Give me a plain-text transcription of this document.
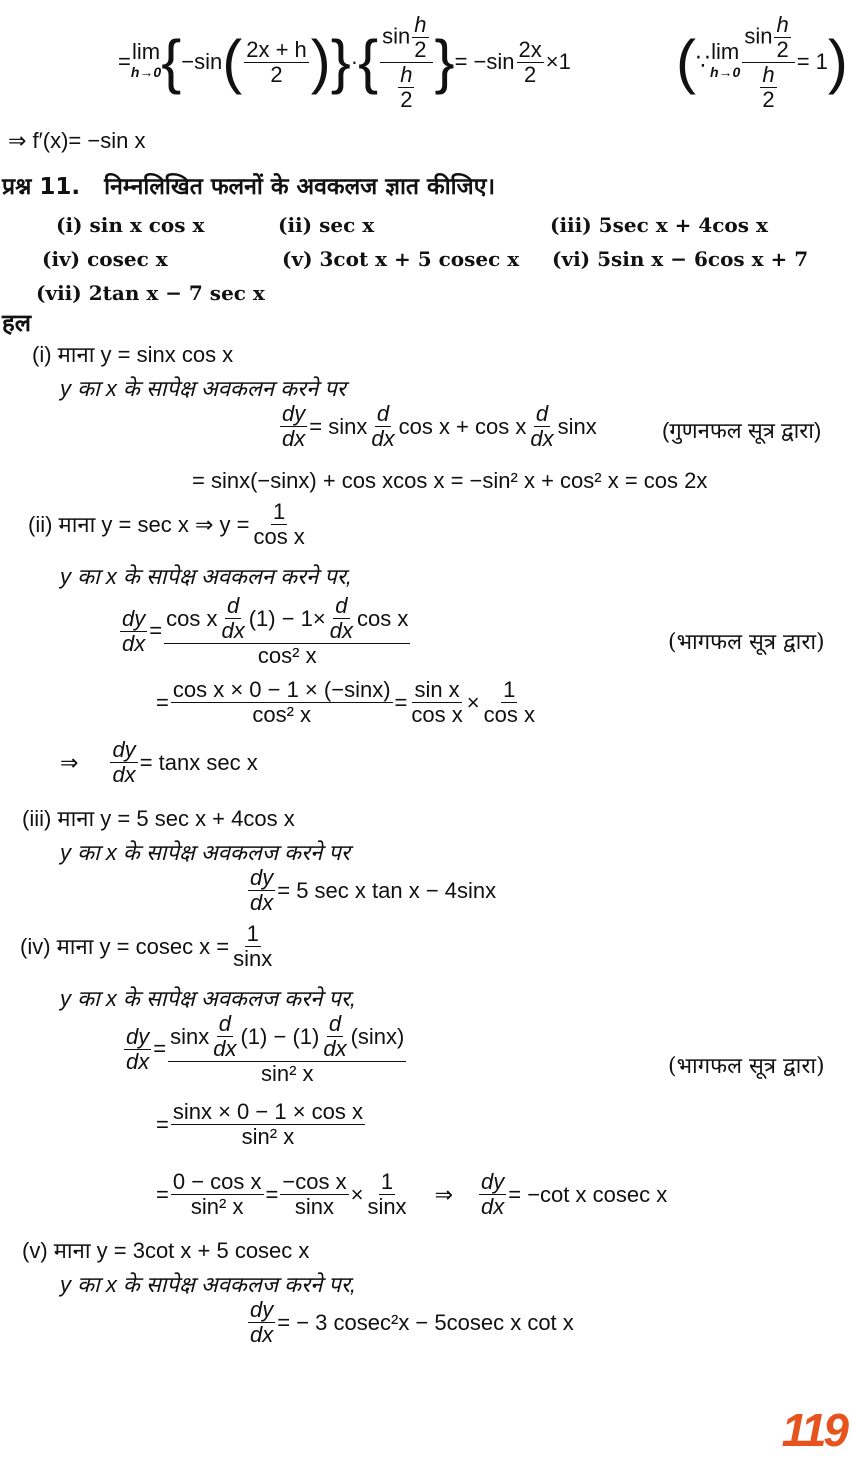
= lim
h→0 { −sin ( $\frac{2x + h}{2}$ ) } · { $\frac{\sin \frac{h}{2}}{\frac{h}{2}}$ } = $-\sin \frac{2x}{2} \times 1$ ( ∵ lim
$h\to 0 \frac{\sin \frac{h}{2}}{\frac{h}{2}} = 1$ )
⇒ f′(x)= −sin x
प्रश्न 11. निम्नलिखित फलनों के अवकलज ज्ञात कीजिए।
(i) sin x cos x	(ii) sec x	(iii) 5sec x + 4cos x
(iv) cosec x	(v) 3cot x + 5 cosec x (vi) 5sin x − 6cos x + 7
(vii) 2tan x − 7 sec x
हल
(i) माना y = sinx cos x
y का x के सापेक्ष अवकलन करने पर
$\frac{dy}{dx} = \sin x \frac{d}{dx}$ cos x + cos x $\frac{d}{dx}$ sinx	(गुणनफल सूत्र द्वारा)
= sinx(−sinx) + cos xcos x = −sin² x + cos² x = cos 2x
(ii) माना y = sec x ⇒ $y = \frac{1}{\text{cos x}}$
y का x के सापेक्ष अवकलन करने पर,
$\frac{dy}{dx} = \frac{\cos x \frac{d}{dx} (1) - 1\times \frac{d}{dx} \cos x}{\text{cos² x}}$	(भागफल सूत्र द्वारा)
= $\frac{\text{cos x × 0 − 1 × (−sinx)}}{\text{cos² x}} = \frac{\text{sin x}}{\text{cos x}} \times \frac{1}{\text{cos x}}$
⇒ $\frac{dy}{dx} = \tan x$ sec x
(iii) माना y = 5 sec x + 4cos x
y का x के सापेक्ष अवकलज करने पर
$\frac{dy}{dx} = 5$ sec x tan x − 4sinx
(iv) माना y = cosec $x = \frac{1}{\sin x}$
y का x के सापेक्ष अवकलज करने पर,
$\frac{dy}{dx} = \frac{\sin x \frac{d}{dx} (1) - (1) \frac{d}{dx} (\sin x)}{\text{sin² x}}$	(भागफल सूत्र द्वारा)
= $\frac{\text{sinx × 0 − 1 × cos x}}{\text{sin² x}}$
= $\frac{\text{0 − cos x}}{\text{sin² x}} = \frac{\text{−cos x}}{\sin x} \times \frac{1}{\sin x}$ ⇒ $\frac{dy}{dx} = -\cot$ x cosec x
(v) माना y = 3cot x + 5 cosec x
y का x के सापेक्ष अवकलज करने पर,
$\frac{dy}{dx}$ = − 3 cosec²x − 5cosec x cot x
119
